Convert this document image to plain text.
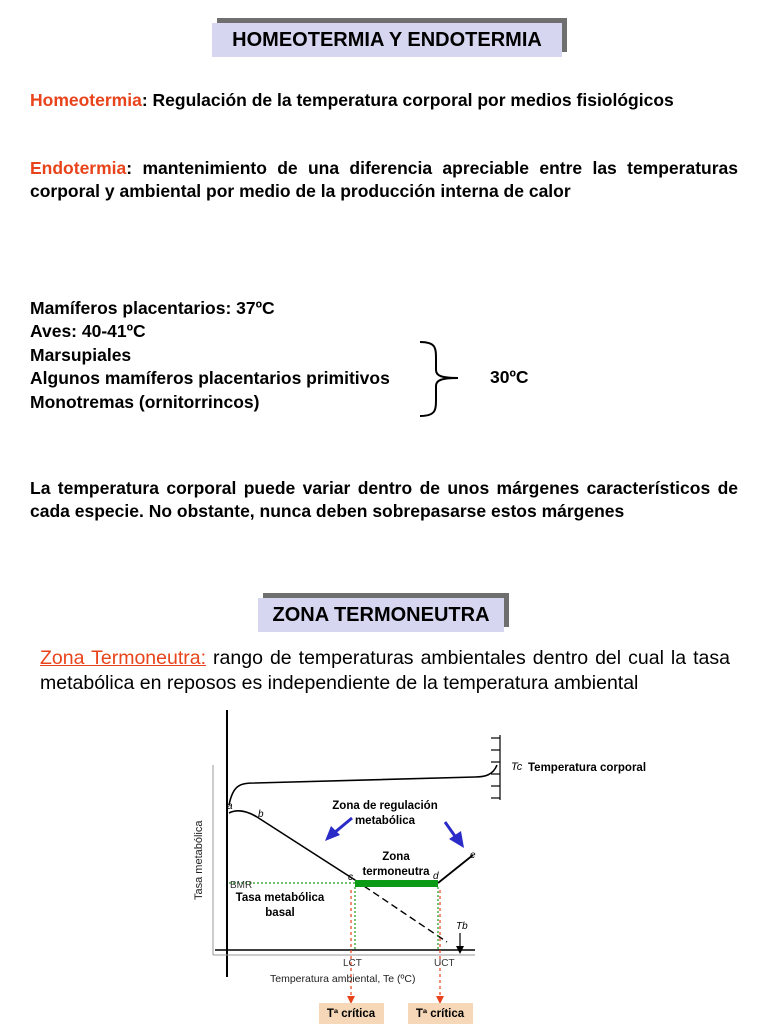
HOMEOTERMIA Y ENDOTERMIA
Homeotermia: Regulación de la temperatura corporal por medios fisiológicos
Endotermia: mantenimiento de una diferencia apreciable entre las temperaturas corporal y ambiental por medio de la producción interna de calor
Mamíferos placentarios: 37ºC
Aves: 40-41ºC
Marsupiales
Algunos mamíferos placentarios primitivos
Monotremas (ornitorrincos)
30ºC
La temperatura corporal puede variar dentro de unos márgenes característicos de cada especie. No obstante, nunca deben sobrepasarse estos márgenes
ZONA TERMONEUTRA
Zona Termoneutra: rango de temperaturas ambientales dentro del cual la tasa metabólica en reposos es independiente de la temperatura ambiental
Tª crítica	Tª crítica
Tasa metabólica
Temperatura ambiental, Te (ºC)
Tc Temperatura corporal
Zona de regulación
metabólica
Zona
termoneutra
Tasa metabólica
basal
BMR
LCT	UCT
Tb
a
b
c	d
e
